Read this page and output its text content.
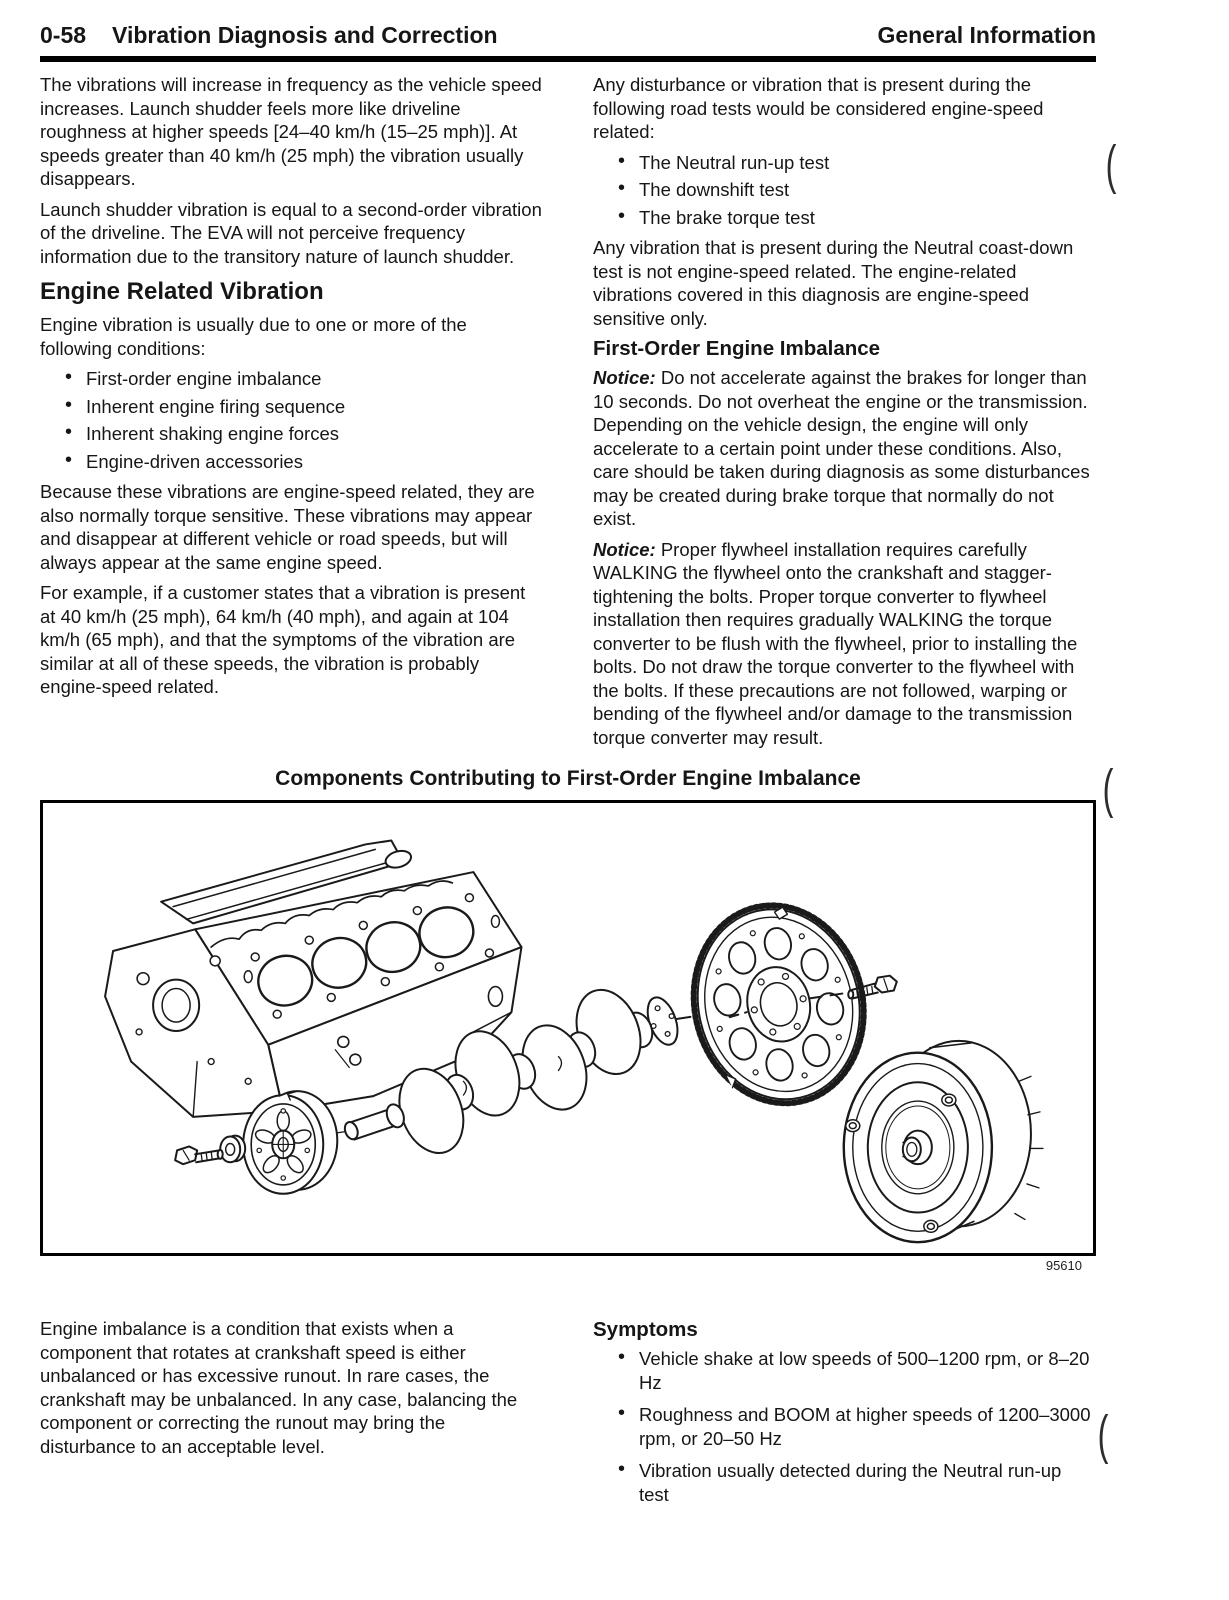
0-58 Vibration Diagnosis and Correction	General Information

The vibrations will increase in frequency as the vehicle speed increases. Launch shudder feels more like driveline roughness at higher speeds [24–40 km/h (15–25 mph)]. At speeds greater than 40 km/h (25 mph) the vibration usually disappears.

Launch shudder vibration is equal to a second-order vibration of the driveline. The EVA will not perceive frequency information due to the transitory nature of launch shudder.

Engine Related Vibration

Engine vibration is usually due to one or more of the following conditions:

• First-order engine imbalance
• Inherent engine firing sequence
• Inherent shaking engine forces
• Engine-driven accessories

Because these vibrations are engine-speed related, they are also normally torque sensitive. These vibrations may appear and disappear at different vehicle or road speeds, but will always appear at the same engine speed.

For example, if a customer states that a vibration is present at 40 km/h (25 mph), 64 km/h (40 mph), and again at 104 km/h (65 mph), and that the symptoms of the vibration are similar at all of these speeds, the vibration is probably engine-speed related.

Any disturbance or vibration that is present during the following road tests would be considered engine-speed related:

• The Neutral run-up test
• The downshift test
• The brake torque test

Any vibration that is present during the Neutral coast-down test is not engine-speed related. The engine-related vibrations covered in this diagnosis are engine-speed sensitive only.

First-Order Engine Imbalance

Notice: Do not accelerate against the brakes for longer than 10 seconds. Do not overheat the engine or the transmission. Depending on the vehicle design, the engine will only accelerate to a certain point under these conditions. Also, care should be taken during diagnosis as some disturbances may be created during brake torque that normally do not exist.

Notice: Proper flywheel installation requires carefully WALKING the flywheel onto the crankshaft and stagger-tightening the bolts. Proper torque converter to flywheel installation then requires gradually WALKING the torque converter to be flush with the flywheel, prior to installing the bolts. Do not draw the torque converter to the flywheel with the bolts. If these precautions are not followed, warping or bending of the flywheel and/or damage to the transmission torque converter may result.

Components Contributing to First-Order Engine Imbalance
95610

Engine imbalance is a condition that exists when a component that rotates at crankshaft speed is either unbalanced or has excessive runout. In rare cases, the crankshaft may be unbalanced. In any case, balancing the component or correcting the runout may bring the disturbance to an acceptable level.

Symptoms
• Vehicle shake at low speeds of 500–1200 rpm, or 8–20 Hz
• Roughness and BOOM at higher speeds of 1200–3000 rpm, or 20–50 Hz
• Vibration usually detected during the Neutral run-up test
(
(
(
